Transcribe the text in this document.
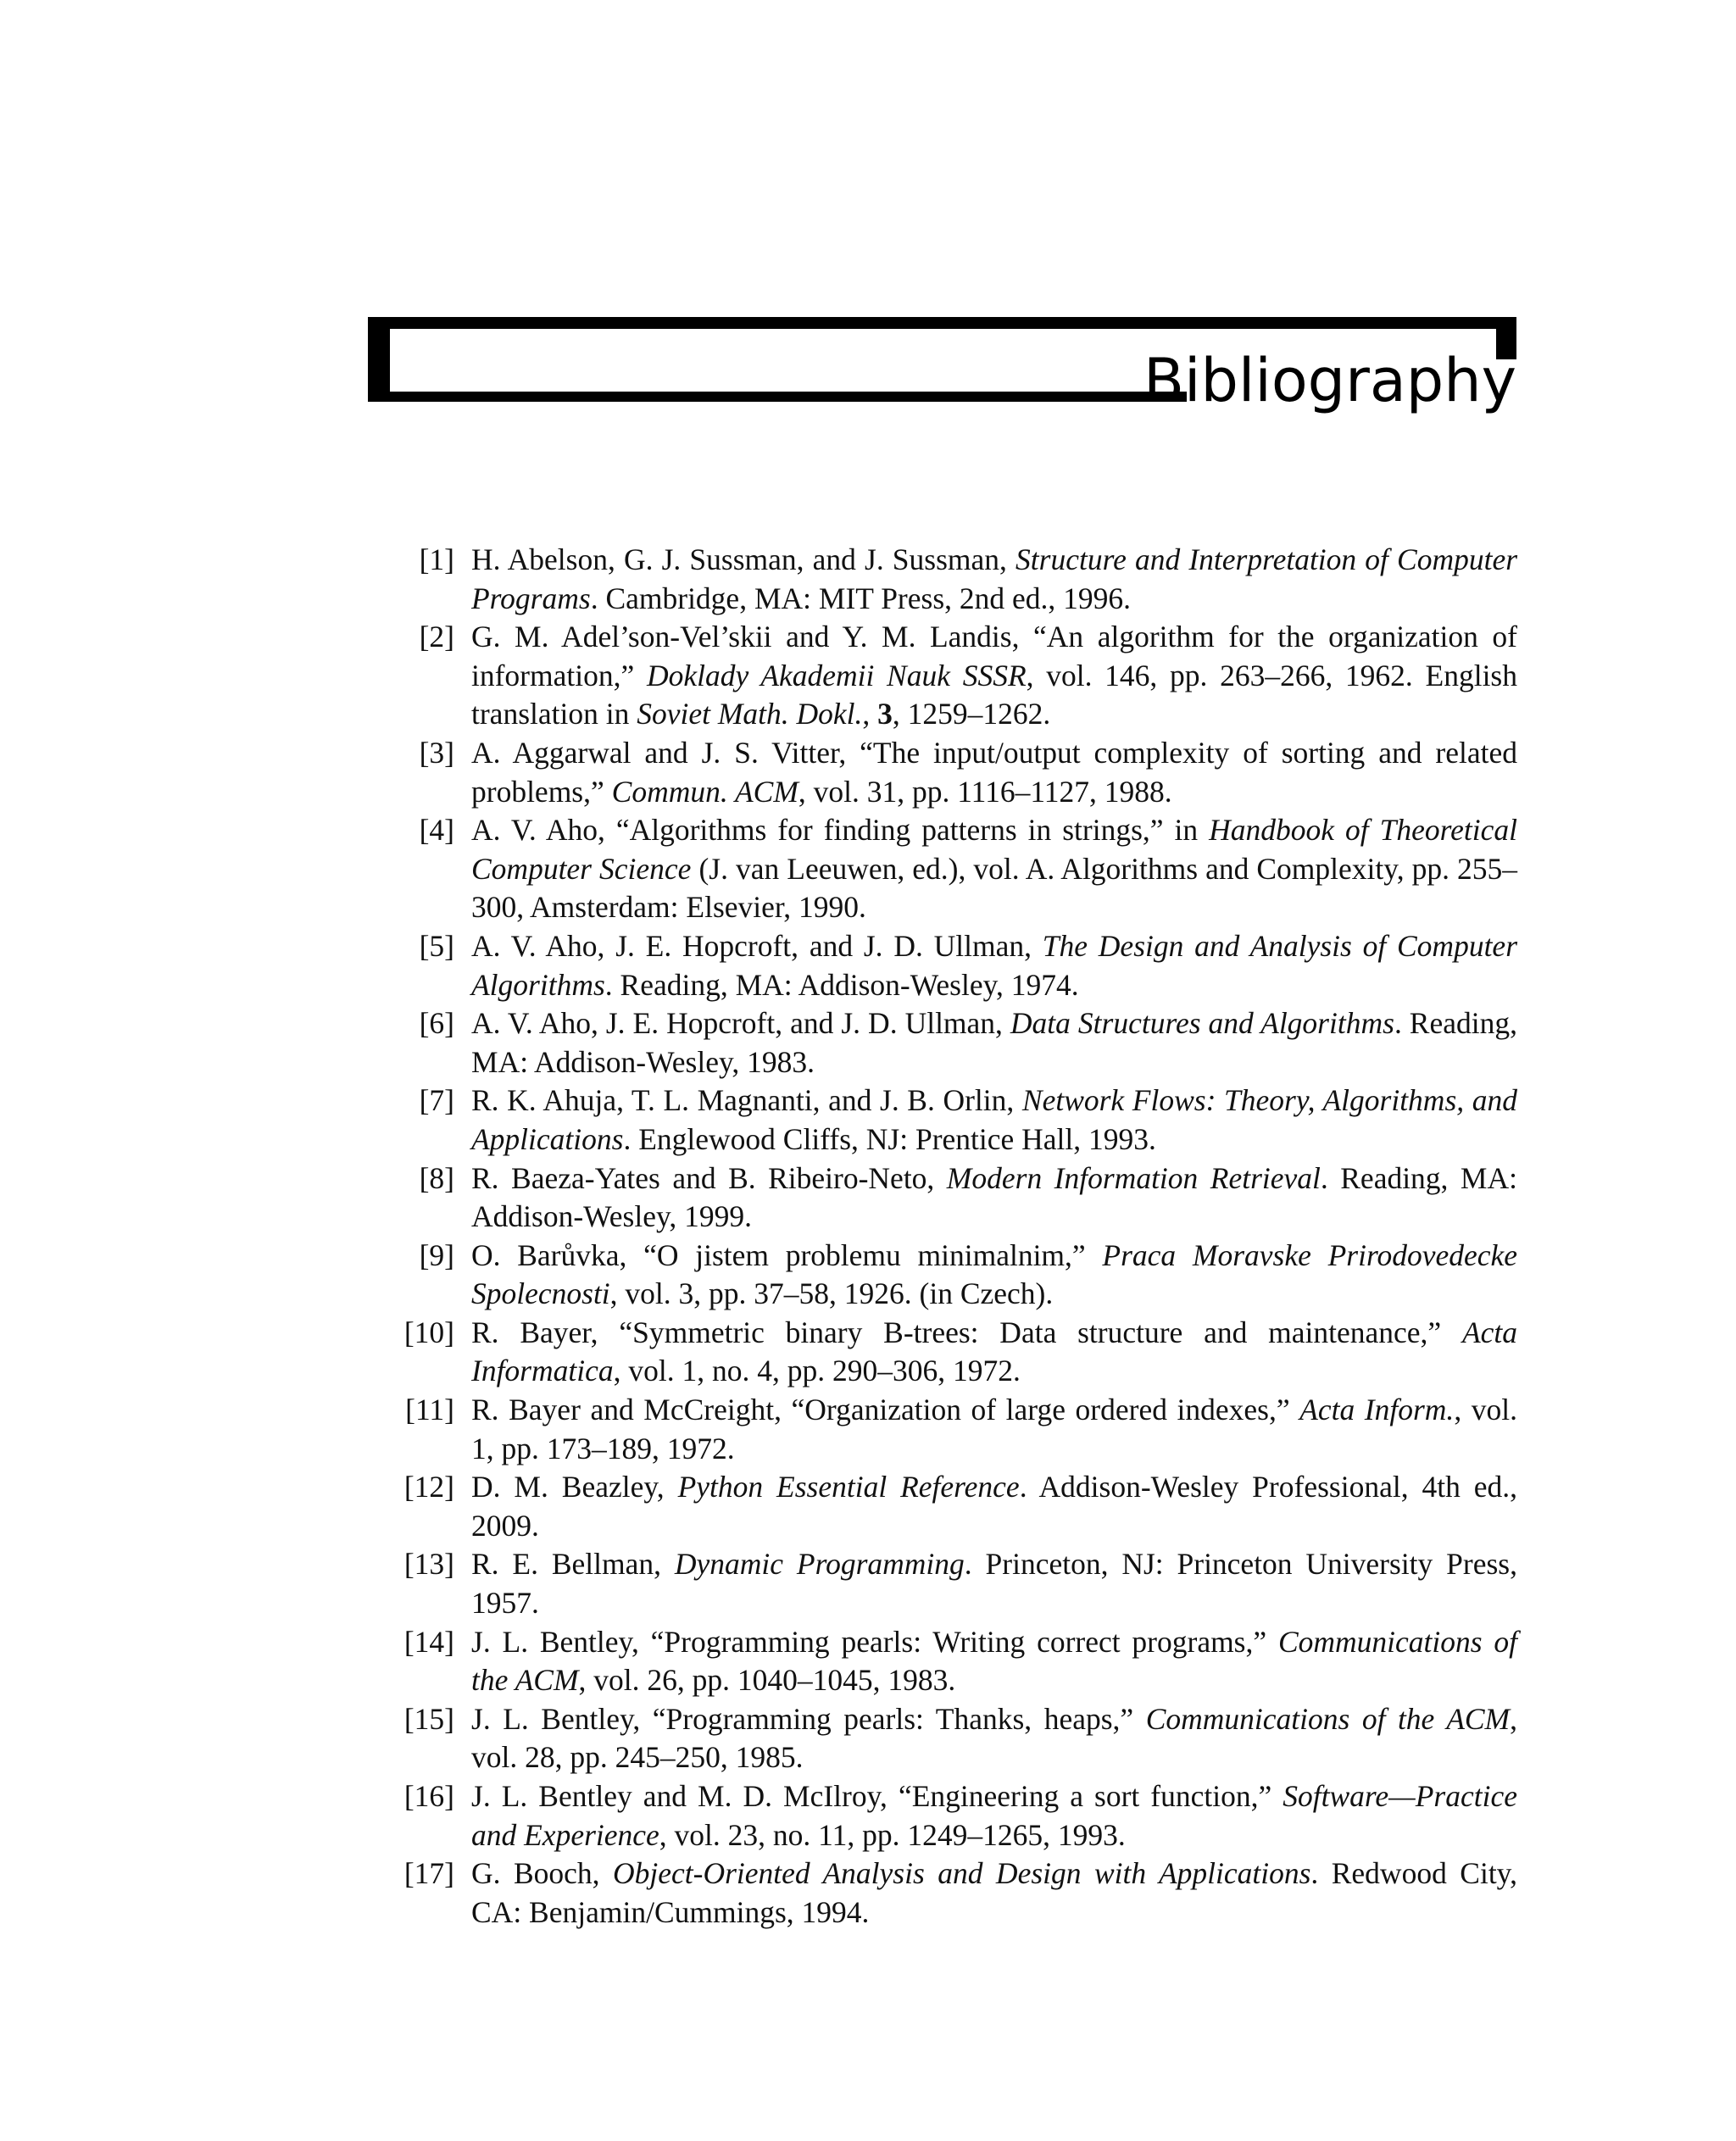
Bibliography
[1] H. Abelson, G. J. Sussman, and J. Sussman, Structure and Interpretation of Computer Programs. Cambridge, MA: MIT Press, 2nd ed., 1996.
[2] G. M. Adel’son-Vel’skii and Y. M. Landis, “An algorithm for the organization of information,” Doklady Akademii Nauk SSSR, vol. 146, pp. 263–266, 1962. English translation in Soviet Math. Dokl., 3, 1259–1262.
[3] A. Aggarwal and J. S. Vitter, “The input/output complexity of sorting and related problems,” Commun. ACM, vol. 31, pp. 1116–1127, 1988.
[4] A. V. Aho, “Algorithms for finding patterns in strings,” in Handbook of Theoretical Computer Science (J. van Leeuwen, ed.), vol. A. Algorithms and Complexity, pp. 255–300, Amsterdam: Elsevier, 1990.
[5] A. V. Aho, J. E. Hopcroft, and J. D. Ullman, The Design and Analysis of Computer Algorithms. Reading, MA: Addison-Wesley, 1974.
[6] A. V. Aho, J. E. Hopcroft, and J. D. Ullman, Data Structures and Algorithms. Reading, MA: Addison-Wesley, 1983.
[7] R. K. Ahuja, T. L. Magnanti, and J. B. Orlin, Network Flows: Theory, Algorithms, and Applications. Englewood Cliffs, NJ: Prentice Hall, 1993.
[8] R. Baeza-Yates and B. Ribeiro-Neto, Modern Information Retrieval. Reading, MA: Addison-Wesley, 1999.
[9] O. Barůvka, “O jistem problemu minimalnim,” Praca Moravske Prirodovedecke Spolecnosti, vol. 3, pp. 37–58, 1926. (in Czech).
[10] R. Bayer, “Symmetric binary B-trees: Data structure and maintenance,” Acta Informatica, vol. 1, no. 4, pp. 290–306, 1972.
[11] R. Bayer and McCreight, “Organization of large ordered indexes,” Acta Inform., vol. 1, pp. 173–189, 1972.
[12] D. M. Beazley, Python Essential Reference. Addison-Wesley Professional, 4th ed., 2009.
[13] R. E. Bellman, Dynamic Programming. Princeton, NJ: Princeton University Press, 1957.
[14] J. L. Bentley, “Programming pearls: Writing correct programs,” Communications of the ACM, vol. 26, pp. 1040–1045, 1983.
[15] J. L. Bentley, “Programming pearls: Thanks, heaps,” Communications of the ACM, vol. 28, pp. 245–250, 1985.
[16] J. L. Bentley and M. D. McIlroy, “Engineering a sort function,” Software—Practice and Experience, vol. 23, no. 11, pp. 1249–1265, 1993.
[17] G. Booch, Object-Oriented Analysis and Design with Applications. Redwood City, CA: Benjamin/Cummings, 1994.
